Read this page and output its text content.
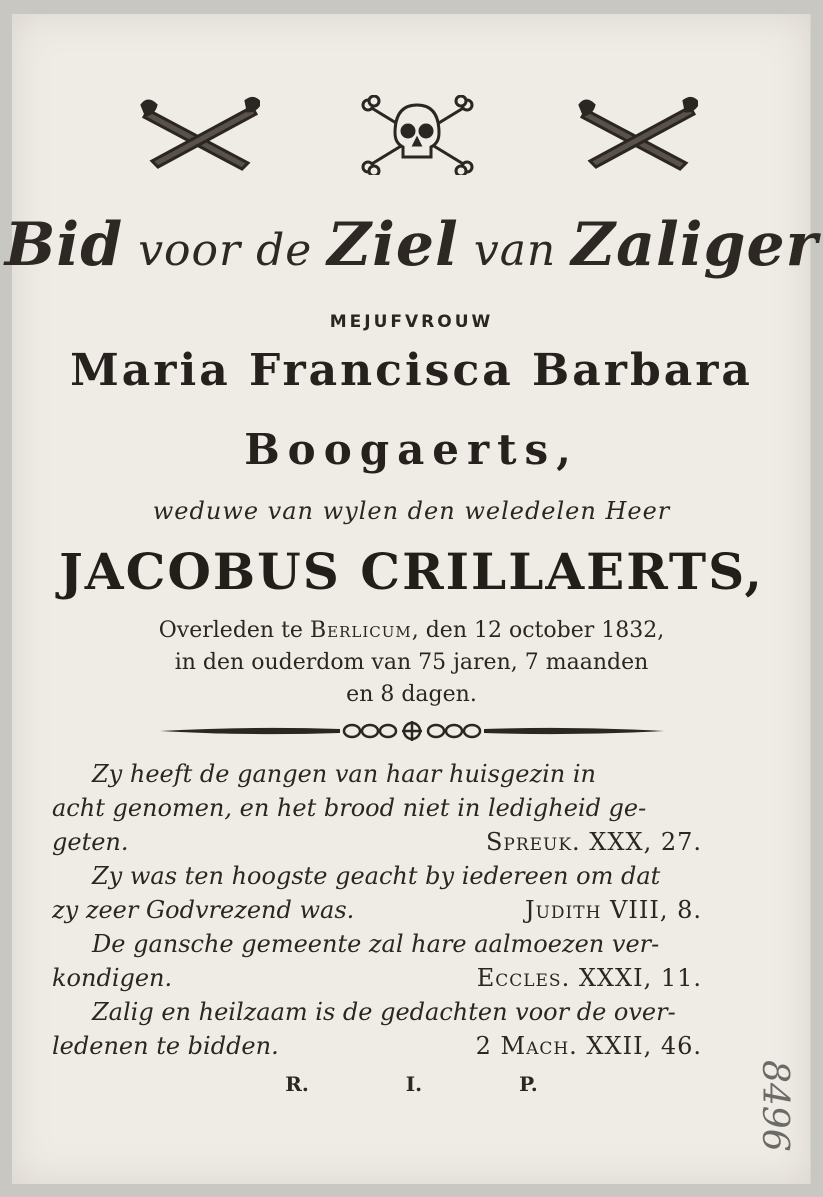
Bid voor de Ziel van Zaliger
MEJUFVROUW
Maria Francisca Barbara
Boogaerts,
weduwe van wylen den weledelen Heer
JACOBUS CRILLAERTS,
Overleden te Berlicum, den 12 october 1832,
in den ouderdom van 75 jaren, 7 maanden
en 8 dagen.
Zy heeft de gangen van haar huisgezin in
acht genomen, en het brood niet in ledigheid ge-
geten.	Spreuk. XXX, 27.
Zy was ten hoogste geacht by iedereen om dat
zy zeer Godvrezend was.	Judith VIII, 8.
De gansche gemeente zal hare aalmoezen ver-
kondigen.	Eccles. XXXI, 11.
Zalig en heilzaam is de gedachten voor de over-
ledenen te bidden.	2 Mach. XXII, 46.
R. I. P.	8496
